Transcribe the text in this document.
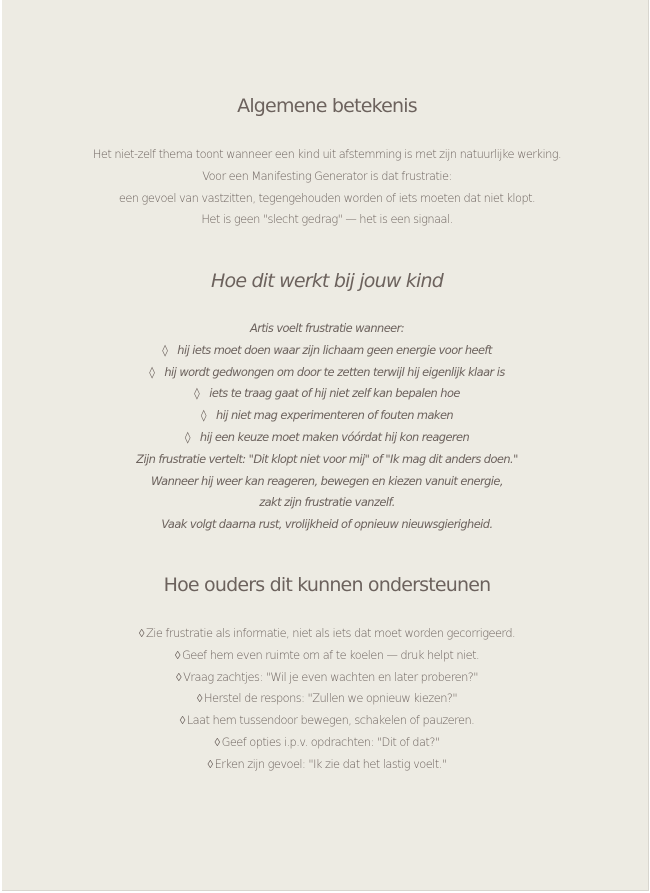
Algemene betekenis
Het niet-zelf thema toont wanneer een kind uit afstemming is met zijn natuurlijke werking.
Voor een Manifesting Generator is dat frustratie:
een gevoel van vastzitten, tegengehouden worden of iets moeten dat niet klopt.
Het is geen "slecht gedrag" — het is een signaal.
Hoe dit werkt bij jouw kind
Artis voelt frustratie wanneer:
◊ hij iets moet doen waar zijn lichaam geen energie voor heeft
◊ hij wordt gedwongen om door te zetten terwijl hij eigenlijk klaar is
◊ iets te traag gaat of hij niet zelf kan bepalen hoe
◊ hij niet mag experimenteren of fouten maken
◊ hij een keuze moet maken vóórdat hij kon reageren
Zijn frustratie vertelt: "Dit klopt niet voor mij" of "Ik mag dit anders doen."
Wanneer hij weer kan reageren, bewegen en kiezen vanuit energie,
zakt zijn frustratie vanzelf.
Vaak volgt daarna rust, vrolijkheid of opnieuw nieuwsgierigheid.
Hoe ouders dit kunnen ondersteunen
◊ Zie frustratie als informatie, niet als iets dat moet worden gecorrigeerd.
◊ Geef hem even ruimte om af te koelen — druk helpt niet.
◊ Vraag zachtjes: "Wil je even wachten en later proberen?"
◊ Herstel de respons: "Zullen we opnieuw kiezen?"
◊ Laat hem tussendoor bewegen, schakelen of pauzeren.
◊ Geef opties i.p.v. opdrachten: "Dit of dat?"
◊ Erken zijn gevoel: "Ik zie dat het lastig voelt."
